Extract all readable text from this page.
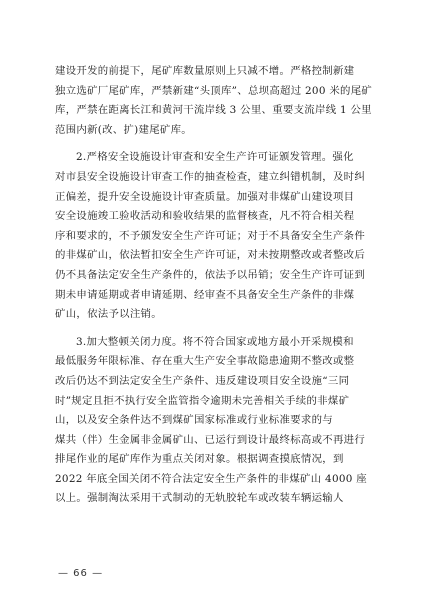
建设开发的前提下，尾矿库数量原则上只减不增。严格控制新建
独立选矿厂尾矿库，严禁新建“头顶库”、总坝高超过 200 米的尾矿
库，严禁在距离长江和黄河干流岸线 3 公里、重要支流岸线 1 公里
范围内新(改、扩)建尾矿库。

2.严格安全设施设计审查和安全生产许可证颁发管理。强化
对市县安全设施设计审查工作的抽查检查，建立纠错机制，及时纠
正偏差，提升安全设施设计审查质量。加强对非煤矿山建设项目
安全设施竣工验收活动和验收结果的监督核查，凡不符合相关程
序和要求的，不予颁发安全生产许可证；对于不具备安全生产条件
的非煤矿山，依法暂扣安全生产许可证，对未按期整改或者整改后
仍不具备法定安全生产条件的，依法予以吊销；安全生产许可证到
期未申请延期或者申请延期、经审查不具备安全生产条件的非煤
矿山，依法予以注销。

3.加大整顿关闭力度。将不符合国家或地方最小开采规模和
最低服务年限标准、存在重大生产安全事故隐患逾期不整改或整
改后仍达不到法定安全生产条件、违反建设项目安全设施“三同
时”规定且拒不执行安全监管指令逾期未完善相关手续的非煤矿
山，以及安全条件达不到煤矿国家标准或行业标准要求的与
煤共（伴）生金属非金属矿山、已运行到设计最终标高或不再进行
排尾作业的尾矿库作为重点关闭对象。根据调查摸底情况，到
2022 年底全国关闭不符合法定安全生产条件的非煤矿山 4000 座
以上。强制淘汰采用干式制动的无轨胶轮车或改装车辆运输人

— 66 —
